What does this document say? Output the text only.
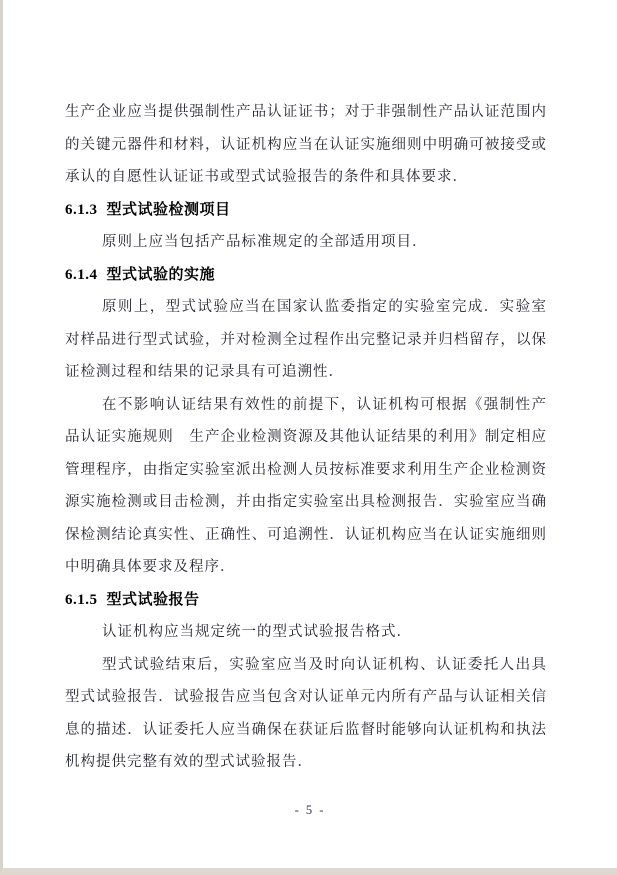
生产企业应当提供强制性产品认证证书；对于非强制性产品认证范围内的关键元器件和材料，认证机构应当在认证实施细则中明确可被接受或承认的自愿性认证证书或型式试验报告的条件和具体要求．

6.1.3 型式试验检测项目

原则上应当包括产品标准规定的全部适用项目．

6.1.4 型式试验的实施

原则上，型式试验应当在国家认监委指定的实验室完成．实验室对样品进行型式试验，并对检测全过程作出完整记录并归档留存，以保证检测过程和结果的记录具有可追溯性．

在不影响认证结果有效性的前提下，认证机构可根据《强制性产品认证实施规则　生产企业检测资源及其他认证结果的利用》制定相应管理程序，由指定实验室派出检测人员按标准要求利用生产企业检测资源实施检测或目击检测，并由指定实验室出具检测报告．实验室应当确保检测结论真实性、正确性、可追溯性．认证机构应当在认证实施细则中明确具体要求及程序．

6.1.5 型式试验报告

认证机构应当规定统一的型式试验报告格式．

型式试验结束后，实验室应当及时向认证机构、认证委托人出具型式试验报告．试验报告应当包含对认证单元内所有产品与认证相关信息的描述．认证委托人应当确保在获证后监督时能够向认证机构和执法机构提供完整有效的型式试验报告．

- 5 -
